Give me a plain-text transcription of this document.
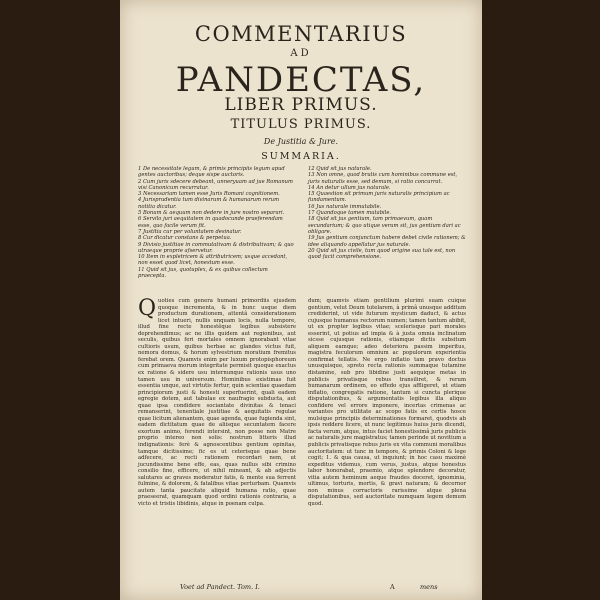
COMMENTARIUS
AD
PANDECTAS,
LIBER PRIMUS.
TITULUS PRIMUS.
De Justitia & Jure.
SUMMARIA.

1 De necessitate legum, & primis principiis legum apud gentes auctoribus; deque sispe auctoris.

2 Cum juris sdecere debeant, unneryuam ad jue Romanum visi Canonicum recurratur.

3 Necessariam tamen esse Juris Romani cognitionem.

4 Jurisprudentia tum divinarum & humanarum rerum notitia dicatur.

5 Bonum & aequum non dedere in jure nostro separari.

6 Servilo juri aequitatem in quadocunde praeferendam esse, quo facile verum fit.

7 Justitia cur per voluntatem desinatur.

8 Cur dicatur constans & perpetua.

9 Divisio justitiae in commutativam & distributivam; & quo utraeque proprie afservetur.

10 Item in expletricem & attributricem; usque accedant, non esset quod licet, honestum esse.

11 Quid sit jus, quotuplex, & ex quibus collectum praecepta.

12 Quid sit jus naturale.

13 Non omne, quod brutis cum hominibus commune est, juris naturalis esse, sed demum, si ratio concurrat.

14 An detur ullum jus naturale.

15 Quaestion sit primum juris naturalis principium ac fundamentum.

16 Jus naturale immutabile.

17 Quandoque tamen mutabile.

18 Quid sit jus gentium, tam primaevum, quam secundarium; & quo utique verum sit, jus gentium dari ac obligare.

19 Jus gentium conjunctum habere debet civile rationem; & idee aliquando appellatur jus naturale.

20 Quid sit jus civile, tum quod origine sua tale est, non quod facit comprehensione.

Q uoties cum genera humani primordiis ejusdem quoque incrementa, & in hunc usque diem productum durationem, attentâ considerationem licet intueri, nullis unquam locis, nulla tempore, illud fine recte honestêque legibus subsistere deprehendimus; ac ne illis quidem aut regionibus, aut seculis, quibus feri mortales omnem ignorabant vitae cultioris usum, quibus herbae ac glandes victus fuit, nemora domus, & horum sylvestrium moratium fremitus ferebat orem. Quamvis enim per luxum protopisphoreum cum primaeva morum integritate permisit quoque exactus ex ratione & sidere usu internunque rationis usus uno tamen usu in universum. Hominibus existimas fuit essentia unque, aut virtutis fertur, quin scientiae quaedam principiorum justi & honesti superfuerint, quali eadem egregie dotem, aut tabulae ex naufragio subducta, aut quae ipsa condidere sociantate divinitas & tenaci remanserint, tenentiale justitiae & aequitatis regulae quae licitum alienantem, quae agenda, quae fugienda sint, eadem dictitatum quae de aliisque secuntatem facere exortum animo, ferendi intersint, non posse non Matre proprio intereo non solis: nostrum litteris illud indignationis: ferè & agnoscentibus gentium opinitas, tamque dicitissime; fic es ut ceterisque quae bene adfecere, ac recti rationem recordari nem, ut jucundissime bene effe, eas, quas nullus sibi crimino consilio fine, efficere, ut nihil mineant, & ab adjectis salutares ac graves moderatur fatis, & mente sua ferrent fulmine, & dolorem, & fatalibus vitae perturbam. Quamvis autem tanta paucitate aliquid humana ratio, quae praeseerat, quamquam quod ordini rationis contraria, a victo et tristis libidinis, atque in poenam culpa.

dum; quamvis etiam gentilium plurimi suam cuique gentium, velut Deum tutelarem, à primâ unusque additum crediderint, ut vide futurum mysticum daduct, & actus cujusque humanus rectorum numen; tamen tantum abibit, ut ex propter legibus vitae; scelerisque pari morales esserint, ut potius ad impia & à justa omnia inclinatum sicsse cujusque rationis, etiamque dictis subsitum aliquem eamque; adeo deteriora passim imperitus, magistra feculorum omnium ac populorum experientia confirmat tellatis. Ne ergo inflatio tam pravo doctus unusquisque, spreto recta rationis summaque tutamine distamine, sub pro libidine justi aequique metas in publicis privatisque rebus transiliret, & rerum humanarum ordinem, eo effedo ejus affligeret, ut etiam inflatio, congregatis ratione, tantum si cuncta plerique disputationibus, & argumentatis legibus illa aliquo confidere vel errore imponere, incertas crimenas ac variantes pro utilitate ac scopo fatis ex certis hosce mulsique principiis determinationes formaret, quodvis ab ipsis reddere licere, ut nunc legitimus huius juris dicendi, facta verum, atque, intus faciet honestissimâ juris publicis ac naturalis jure magistratus; tamen perinde ut novitium a publicis privatisque rebus juris ex vita communi moralibus auctoritatem: ut tunc in tempore, & primis Coloni & lege cogit; 1. & qua causa, ut inquiunt; in hoc casu maximè expeditus videmus, cum verus, justus, atque honestus labor honorabat, praemio, atque splendore decoratur, vitia autem heminum aeque fraudes doceret, ignominia, ultimus, torturis, mortis, & gravi naturam; & decernor non minus corractoris rarissime atque plena disputationibus, sed auctoritate numquam legem demum quod.

Voet ad Pandect. Tom. I.	A	mens
